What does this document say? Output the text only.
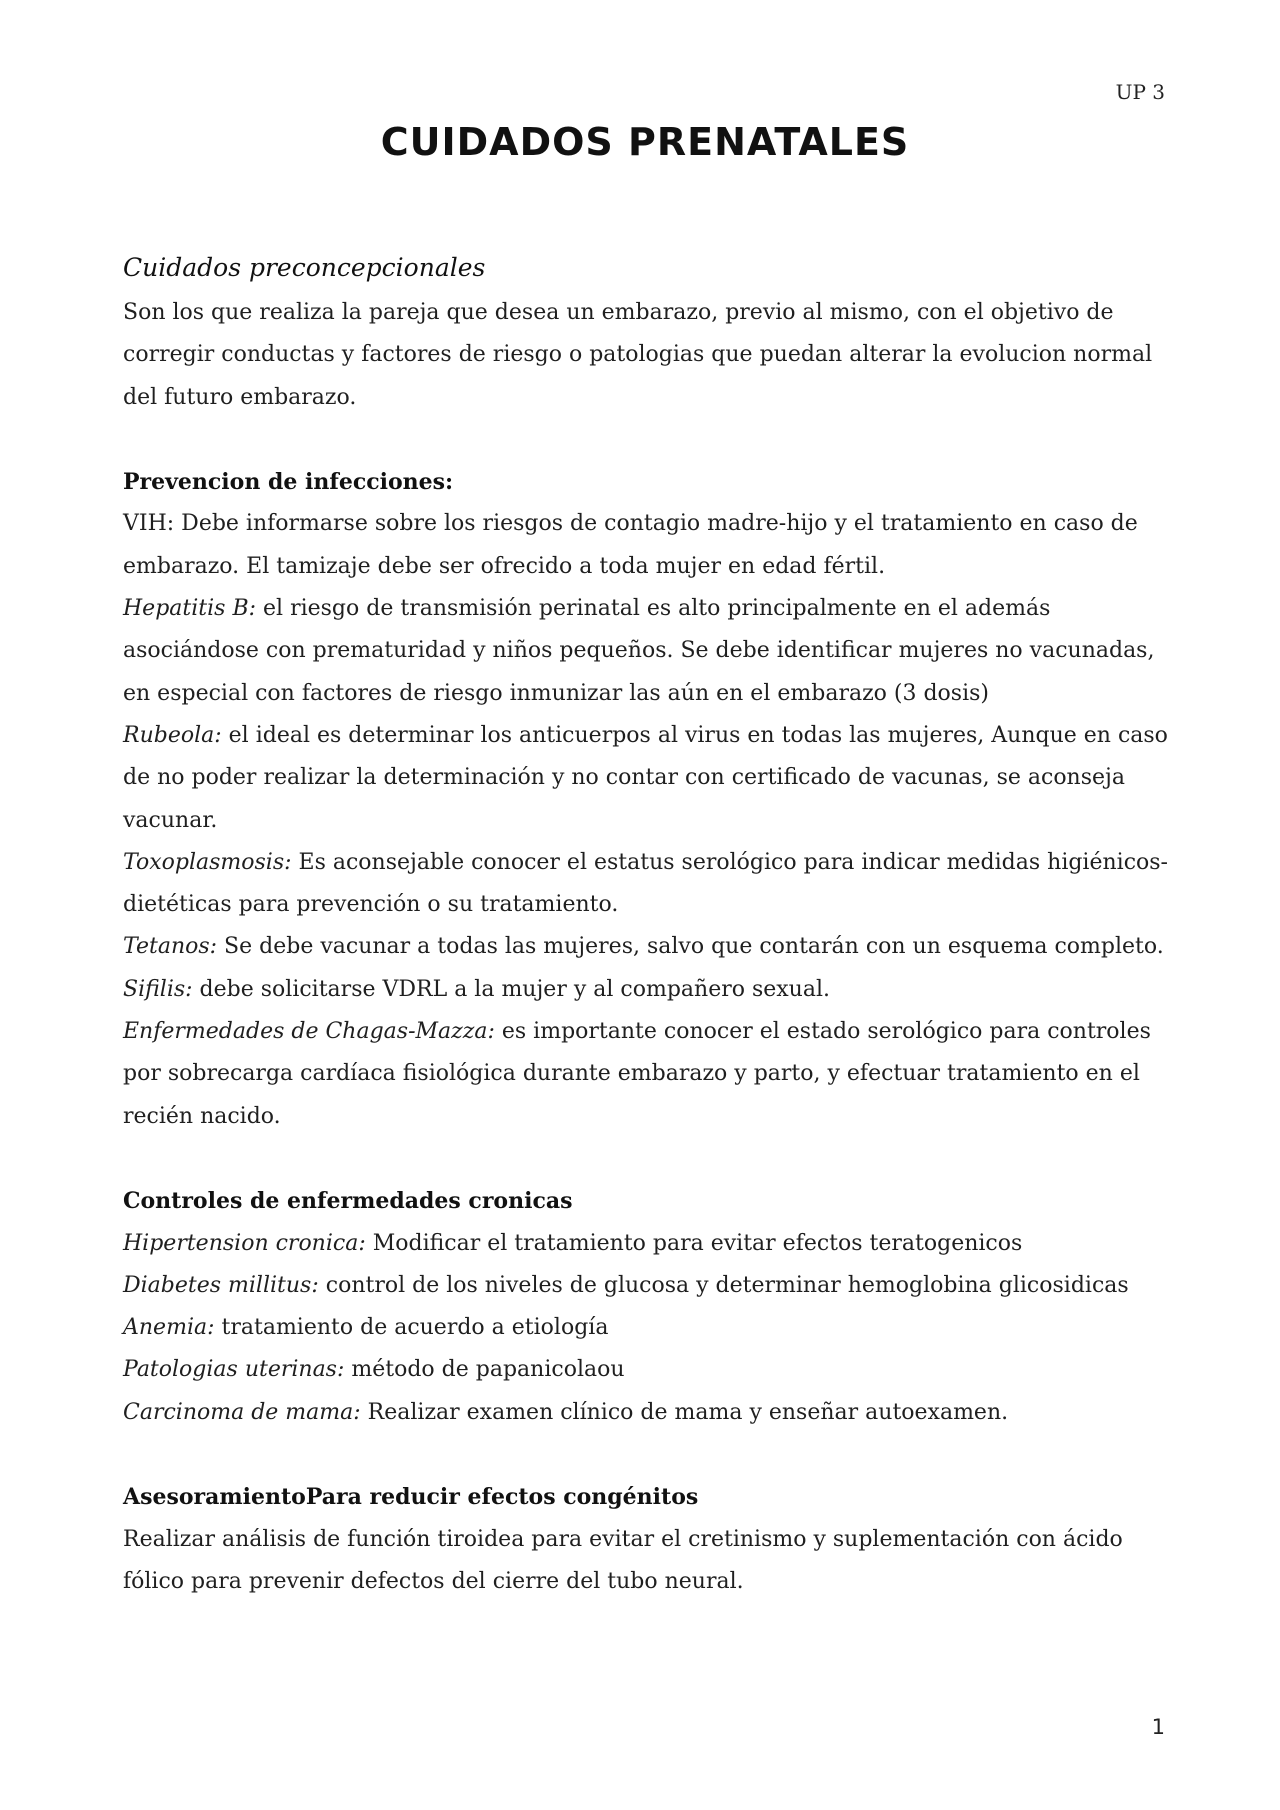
UP 3
CUIDADOS PRENATALES
Cuidados preconcepcionales

Son los que realiza la pareja que desea un embarazo, previo al mismo, con el objetivo de corregir conductas y factores de riesgo o patologias que puedan alterar la evolucion normal del futuro embarazo.

Prevencion de infecciones:

VIH: Debe informarse sobre los riesgos de contagio madre-hijo y el tratamiento en caso de embarazo. El tamizaje debe ser ofrecido a toda mujer en edad fértil.

Hepatitis B: el riesgo de transmisión perinatal es alto principalmente en el además asociándose con prematuridad y niños pequeños. Se debe identificar mujeres no vacunadas, en especial con factores de riesgo inmunizar las aún en el embarazo (3 dosis)

Rubeola: el ideal es determinar los anticuerpos al virus en todas las mujeres, Aunque en caso de no poder realizar la determinación y no contar con certificado de vacunas, se aconseja vacunar.

Toxoplasmosis: Es aconsejable conocer el estatus serológico para indicar medidas higiénicos-dietéticas para prevención o su tratamiento.

Tetanos: Se debe vacunar a todas las mujeres, salvo que contarán con un esquema completo.

Sifilis: debe solicitarse VDRL a la mujer y al compañero sexual.

Enfermedades de Chagas-Mazza: es importante conocer el estado serológico para controles por sobrecarga cardíaca fisiológica durante embarazo y parto, y efectuar tratamiento en el recién nacido.

Controles de enfermedades cronicas

Hipertension cronica: Modificar el tratamiento para evitar efectos teratogenicos

Diabetes millitus: control de los niveles de glucosa y determinar hemoglobina glicosidicas

Anemia: tratamiento de acuerdo a etiología

Patologias uterinas: método de papanicolaou

Carcinoma de mama: Realizar examen clínico de mama y enseñar autoexamen.

AsesoramientoPara reducir efectos congénitos

Realizar análisis de función tiroidea para evitar el cretinismo y suplementación con ácido fólico para prevenir defectos del cierre del tubo neural.

1
